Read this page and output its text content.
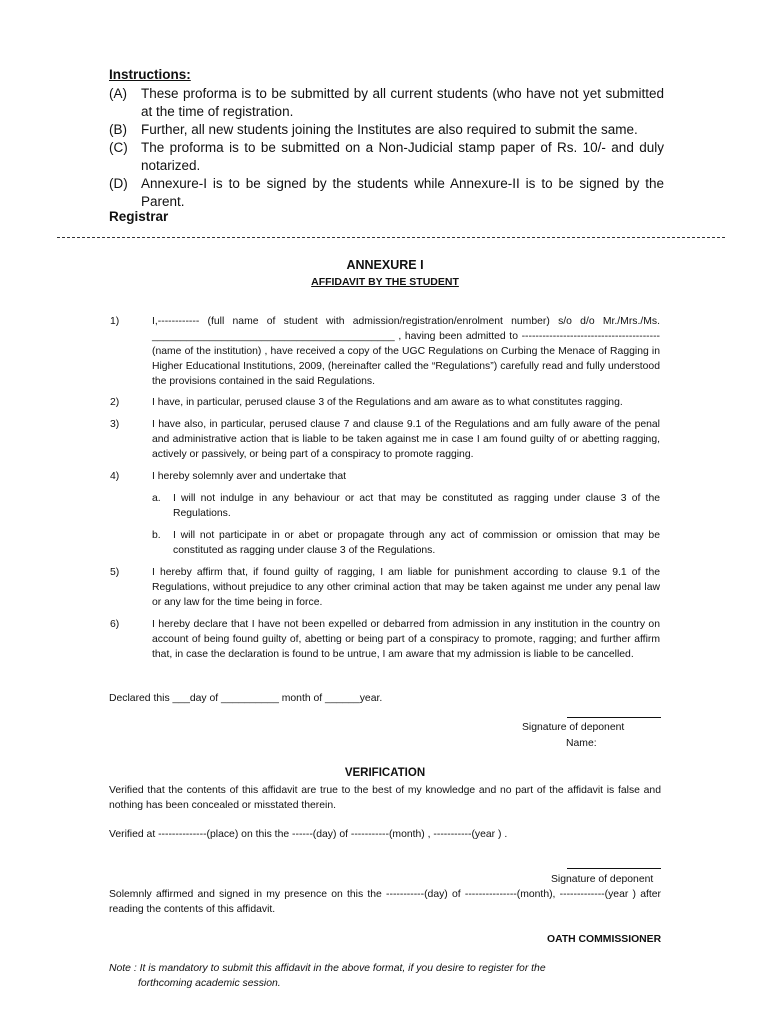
Instructions:
(A) These proforma is to be submitted by all current students (who have not yet submitted at the time of registration.
(B) Further, all new students joining the Institutes are also required to submit the same.
(C) The proforma is to be submitted on a Non-Judicial stamp paper of Rs. 10/- and duly notarized.
(D) Annexure-I is to be signed by the students while Annexure-II is to be signed by the Parent.
Registrar
ANNEXURE I
AFFIDAVIT BY THE STUDENT
1)	I,------------ (full name of student with admission/registration/enrolment number) s/o d/o Mr./Mrs./Ms. __________________________________________ , having been admitted to ----------------------------------------(name of the institution) , have received a copy of the UGC Regulations on Curbing the Menace of Ragging in Higher Educational Institutions, 2009, (hereinafter called the “Regulations”) carefully read and fully understood the provisions contained in the said Regulations.
2)	I have, in particular, perused clause 3 of the Regulations and am aware as to what constitutes ragging.
3)	I have also, in particular, perused clause 7 and clause 9.1 of the Regulations and am fully aware of the penal and administrative action that is liable to be taken against me in case I am found guilty of or abetting ragging, actively or passively, or being part of a conspiracy to promote ragging.
4)	I hereby solemnly aver and undertake that
a. I will not indulge in any behaviour or act that may be constituted as ragging under clause 3 of the Regulations.
b. I will not participate in or abet or propagate through any act of commission or omission that may be constituted as ragging under clause 3 of the Regulations.
5)	I hereby affirm that, if found guilty of ragging, I am liable for punishment according to clause 9.1 of the Regulations, without prejudice to any other criminal action that may be taken against me under any penal law or any law for the time being in force.
6)	I hereby declare that I have not been expelled or debarred from admission in any institution in the country on account of being found guilty of, abetting or being part of a conspiracy to promote, ragging; and further affirm that, in case the declaration is found to be untrue, I am aware that my admission is liable to be cancelled.
Declared this ___day of __________ month of ______year.
Signature of deponent
Name:
VERIFICATION
Verified that the contents of this affidavit are true to the best of my knowledge and no part of the affidavit is false and nothing has been concealed or misstated therein.
Verified at --------------(place) on this the ------(day) of -----------(month) , -----------(year ) .
Signature of deponent
Solemnly affirmed and signed in my presence on this the -----------(day) of ---------------(month), -------------(year ) after reading the contents of this affidavit.
OATH COMMISSIONER
Note : It is mandatory to submit this affidavit in the above format, if you desire to register for the
forthcoming academic session.
